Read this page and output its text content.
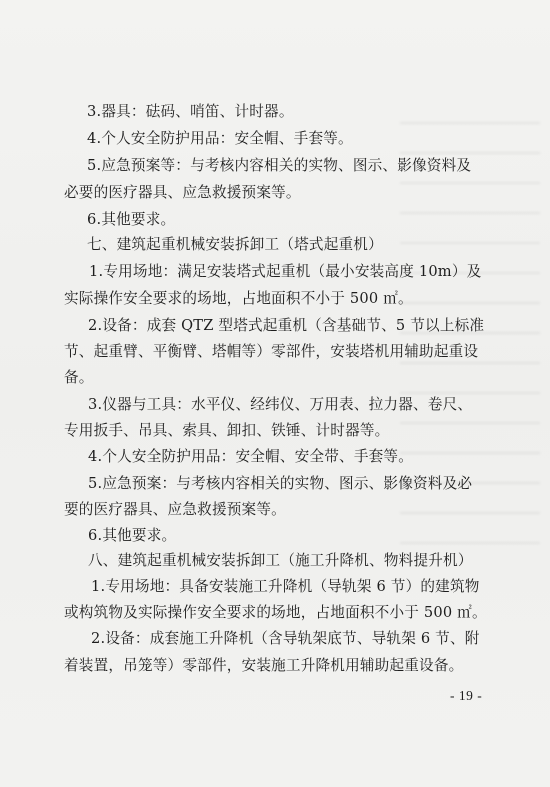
3.器具：砝码、哨笛、计时器。
4.个人安全防护用品：安全帽、手套等。
5.应急预案等：与考核内容相关的实物、图示、影像资料及
必要的医疗器具、应急救援预案等。
6.其他要求。
七、建筑起重机械安装拆卸工（塔式起重机）
1.专用场地：满足安装塔式起重机（最小安装高度 10m）及
实际操作安全要求的场地，占地面积不小于 500 ㎡。
2.设备：成套 QTZ 型塔式起重机（含基础节、5 节以上标准
节、起重臂、平衡臂、塔帽等）零部件，安装塔机用辅助起重设
备。
3.仪器与工具：水平仪、经纬仪、万用表、拉力器、卷尺、
专用扳手、吊具、索具、卸扣、铁锤、计时器等。
4.个人安全防护用品：安全帽、安全带、手套等。
5.应急预案：与考核内容相关的实物、图示、影像资料及必
要的医疗器具、应急救援预案等。
6.其他要求。
八、建筑起重机械安装拆卸工（施工升降机、物料提升机）
1.专用场地：具备安装施工升降机（导轨架 6 节）的建筑物
或构筑物及实际操作安全要求的场地，占地面积不小于 500 ㎡。
2.设备：成套施工升降机（含导轨架底节、导轨架 6 节、附
着装置，吊笼等）零部件，安装施工升降机用辅助起重设备。
- 19 -
